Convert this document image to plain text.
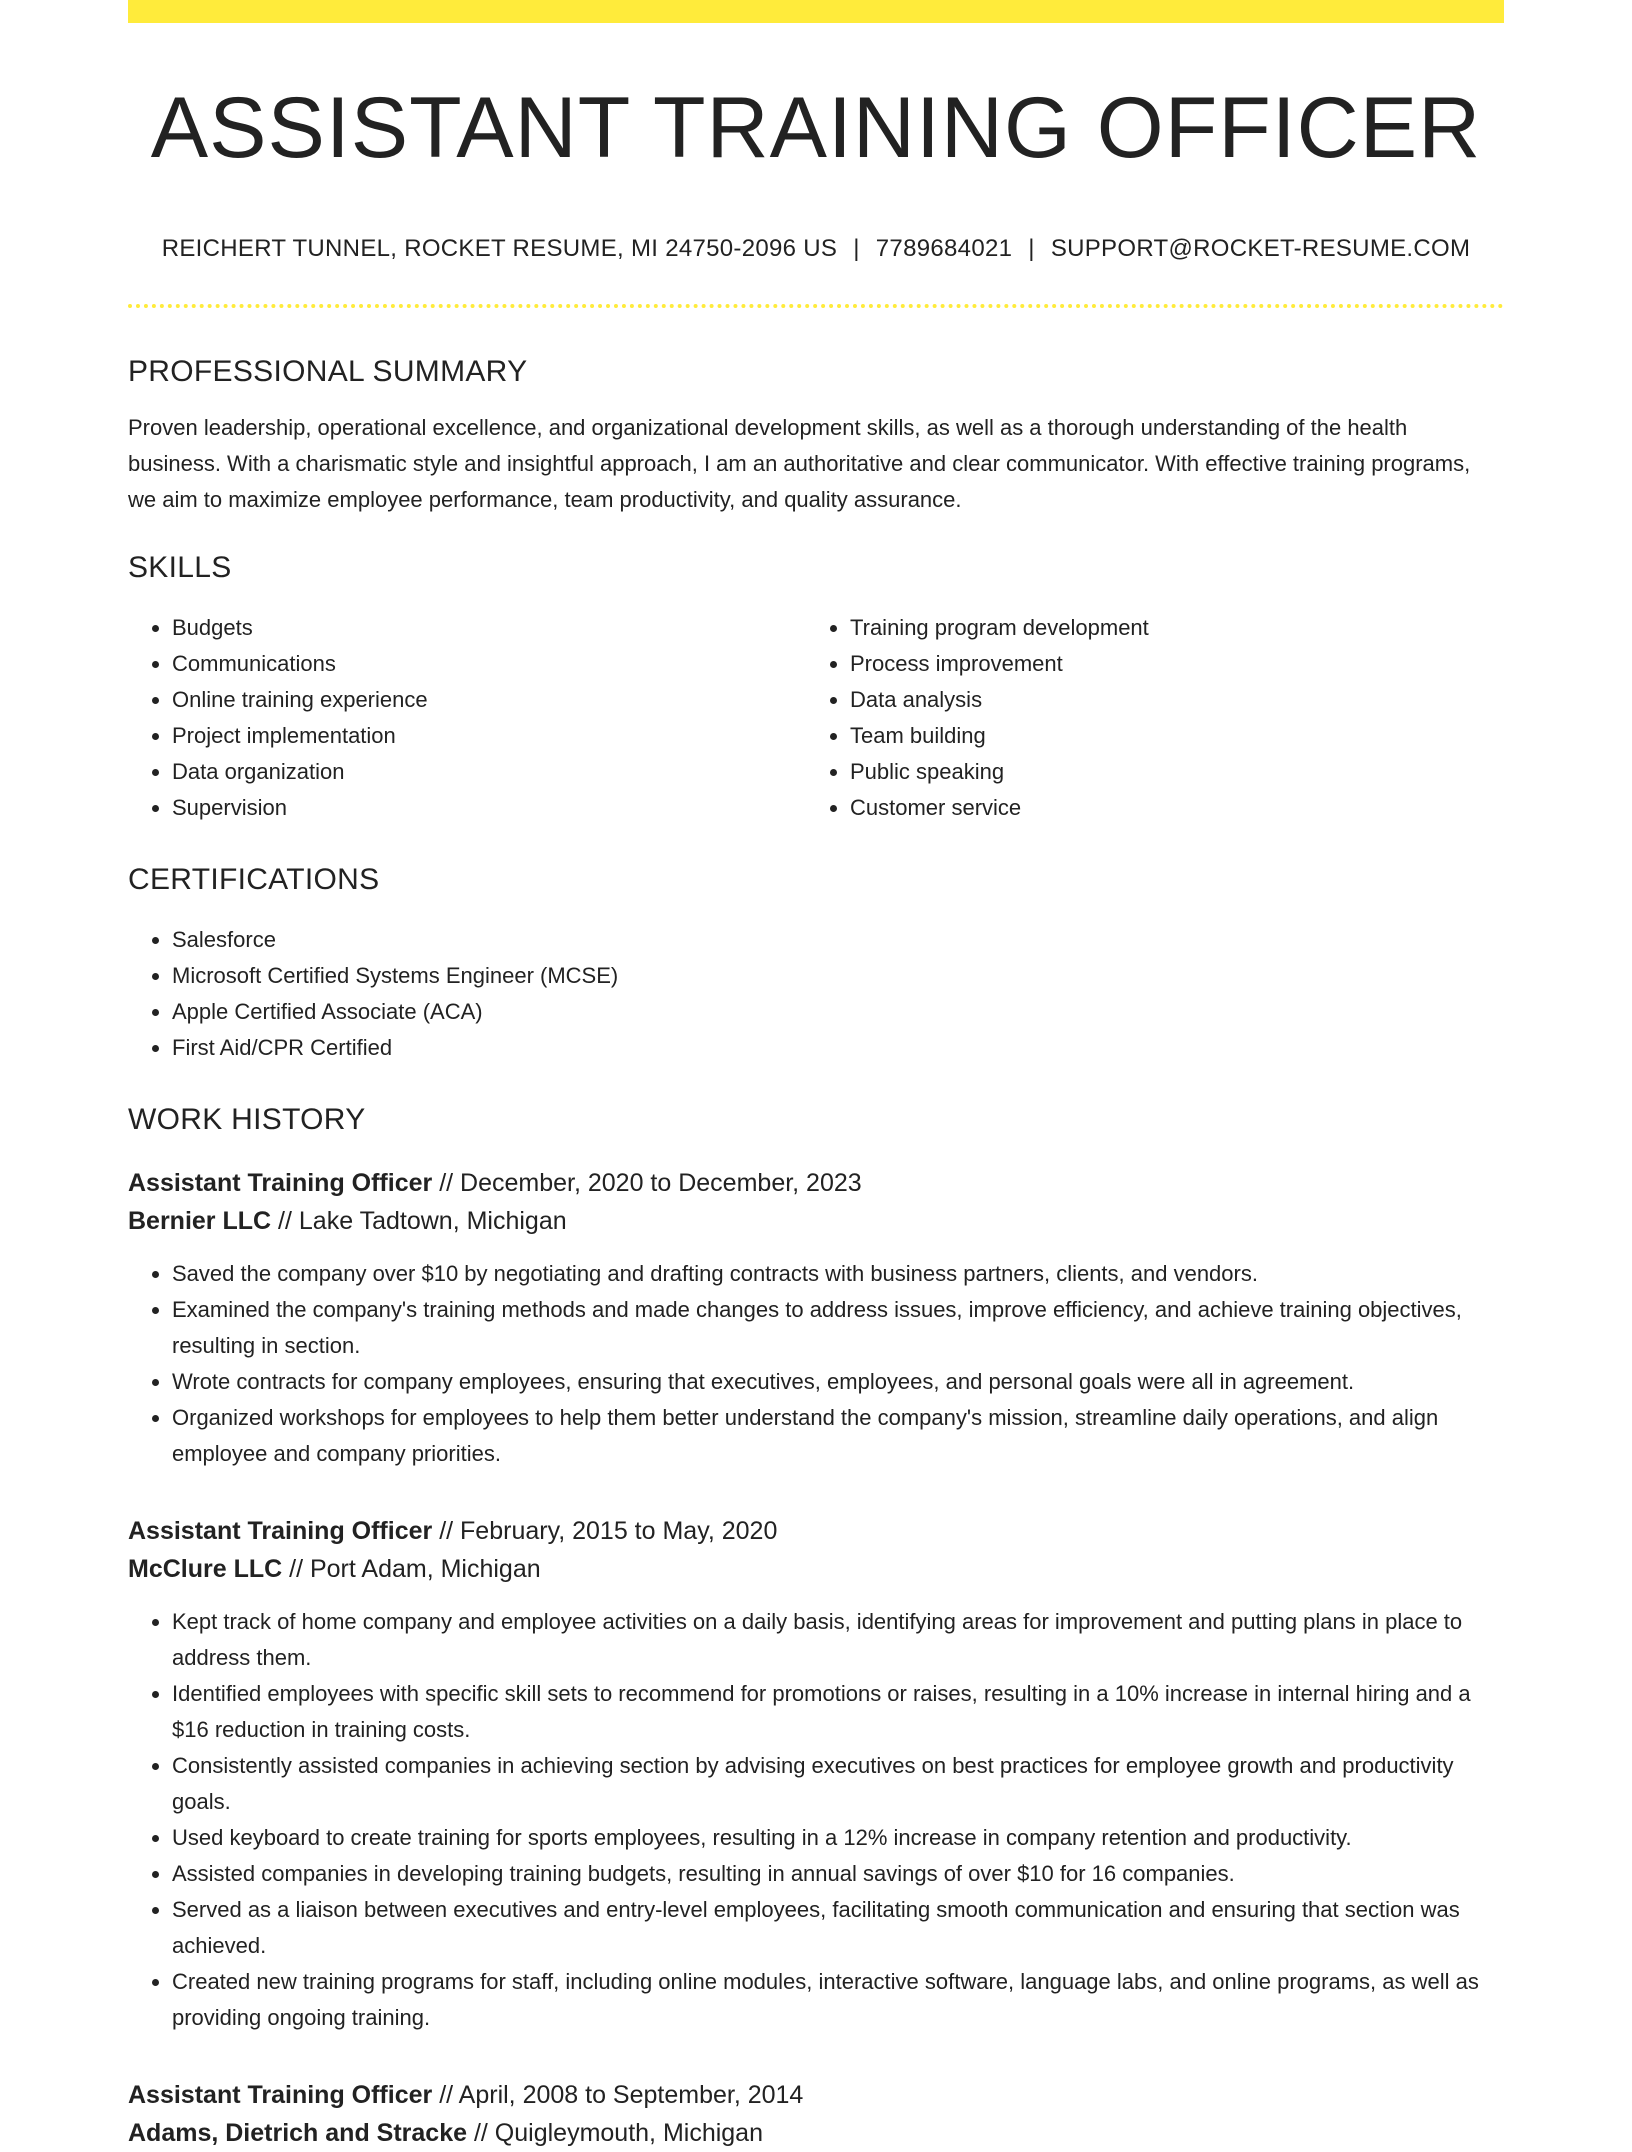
ASSISTANT TRAINING OFFICER
REICHERT TUNNEL, ROCKET RESUME, MI 24750-2096 US | 7789684021 | SUPPORT@ROCKET-RESUME.COM
PROFESSIONAL SUMMARY

Proven leadership, operational excellence, and organizational development skills, as well as a thorough understanding of the health business. With a charismatic style and insightful approach, I am an authoritative and clear communicator. With effective training programs, we aim to maximize employee performance, team productivity, and quality assurance.

SKILLS
• Budgets
• Communications
• Online training experience
• Project implementation
• Data organization
• Supervision
• Training program development
• Process improvement
• Data analysis
• Team building
• Public speaking
• Customer service
CERTIFICATIONS
• Salesforce
• Microsoft Certified Systems Engineer (MCSE)
• Apple Certified Associate (ACA)
• First Aid/CPR Certified
WORK HISTORY
Assistant Training Officer // December, 2020 to December, 2023
Bernier LLC // Lake Tadtown, Michigan
• Saved the company over $10 by negotiating and drafting contracts with business partners, clients, and vendors.
• Examined the company's training methods and made changes to address issues, improve efficiency, and achieve training objectives, resulting in section.
• Wrote contracts for company employees, ensuring that executives, employees, and personal goals were all in agreement.
• Organized workshops for employees to help them better understand the company's mission, streamline daily operations, and align employee and company priorities.
Assistant Training Officer // February, 2015 to May, 2020
McClure LLC // Port Adam, Michigan
• Kept track of home company and employee activities on a daily basis, identifying areas for improvement and putting plans in place to address them.
• Identified employees with specific skill sets to recommend for promotions or raises, resulting in a 10% increase in internal hiring and a $16 reduction in training costs.
• Consistently assisted companies in achieving section by advising executives on best practices for employee growth and productivity goals.
• Used keyboard to create training for sports employees, resulting in a 12% increase in company retention and productivity.
• Assisted companies in developing training budgets, resulting in annual savings of over $10 for 16 companies.
• Served as a liaison between executives and entry-level employees, facilitating smooth communication and ensuring that section was achieved.
• Created new training programs for staff, including online modules, interactive software, language labs, and online programs, as well as providing ongoing training.
Assistant Training Officer // April, 2008 to September, 2014
Adams, Dietrich and Stracke // Quigleymouth, Michigan
